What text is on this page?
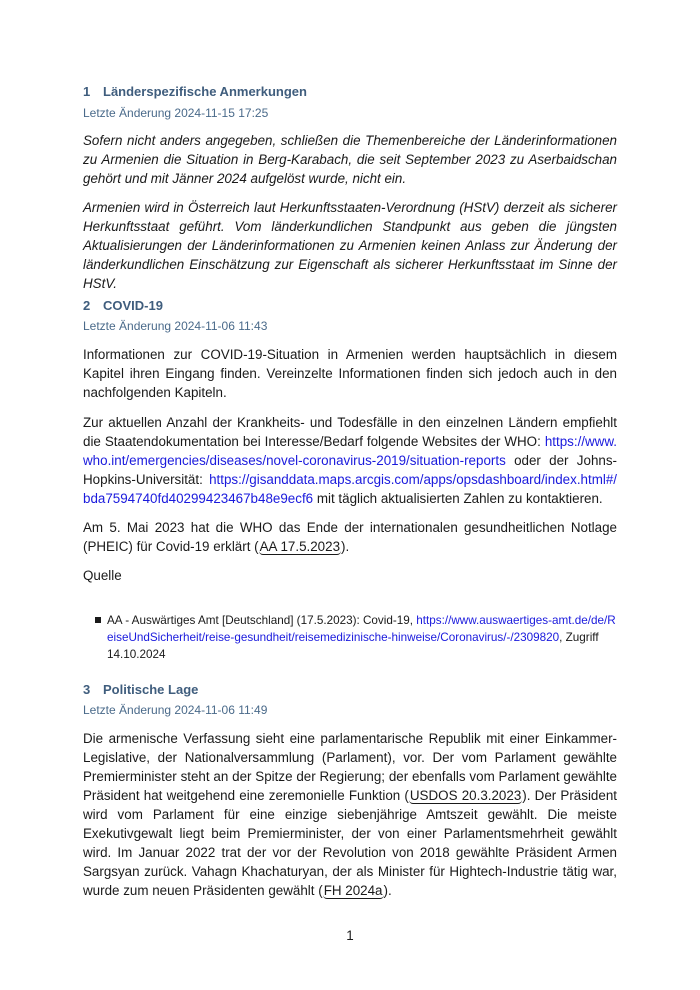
1 Länderspezifische Anmerkungen
Letzte Änderung 2024-11-15 17:25

Sofern nicht anders angegeben, schließen die Themenbereiche der Länderinformationen zu Armenien die Situation in Berg-Karabach, die seit September 2023 zu Aserbaidschan gehört und mit Jänner 2024 aufgelöst wurde, nicht ein.

Armenien wird in Österreich laut Herkunftsstaaten-Verordnung (HStV) derzeit als sicherer Herkunftsstaat geführt. Vom länderkundlichen Standpunkt aus geben die jüngsten Aktualisierungen der Länderinformationen zu Armenien keinen Anlass zur Änderung der länderkundlichen Einschätzung zur Eigenschaft als sicherer Herkunftsstaat im Sinne der HStV.

2 COVID-19
Letzte Änderung 2024-11-06 11:43

Informationen zur COVID-19-Situation in Armenien werden hauptsächlich in diesem Kapitel ihren Eingang finden. Vereinzelte Informationen finden sich jedoch auch in den nachfolgenden Kapiteln.

Zur aktuellen Anzahl der Krankheits- und Todesfälle in den einzelnen Ländern empfiehlt die Staatendokumentation bei Interesse/Bedarf folgende Websites der WHO: https://www.who.int/emergencies/diseases/novel-coronavirus-2019/situation-reports oder der Johns-Hopkins-Universität: https://gisanddata.maps.arcgis.com/apps/opsdashboard/index.html#/bda7594740fd40299423467b48e9ecf6 mit täglich aktualisierten Zahlen zu kontaktieren.

Am 5. Mai 2023 hat die WHO das Ende der internationalen gesundheitlichen Notlage (PHEIC) für Covid-19 erklärt (AA 17.5.2023).

Quelle

AA - Auswärtiges Amt [Deutschland] (17.5.2023): Covid-19, https://www.auswaertiges-amt.de/de/ReiseUndSicherheit/reise-gesundheit/reisemedizinische-hinweise/Coronavirus/-/2309820, Zugriff 14.10.2024

3 Politische Lage
Letzte Änderung 2024-11-06 11:49

Die armenische Verfassung sieht eine parlamentarische Republik mit einer Einkammer-Legislative, der Nationalversammlung (Parlament), vor. Der vom Parlament gewählte Premierminister steht an der Spitze der Regierung; der ebenfalls vom Parlament gewählte Präsident hat weitgehend eine zeremonielle Funktion (USDOS 20.3.2023). Der Präsident wird vom Parlament für eine einzige siebenjährige Amtszeit gewählt. Die meiste Exekutivgewalt liegt beim Premierminister, der von einer Parlamentsmehrheit gewählt wird. Im Januar 2022 trat der vor der Revolution von 2018 gewählte Präsident Armen Sargsyan zurück. Vahagn Khachaturyan, der als Minister für Hightech-Industrie tätig war, wurde zum neuen Präsidenten gewählt (FH 2024a).

1
